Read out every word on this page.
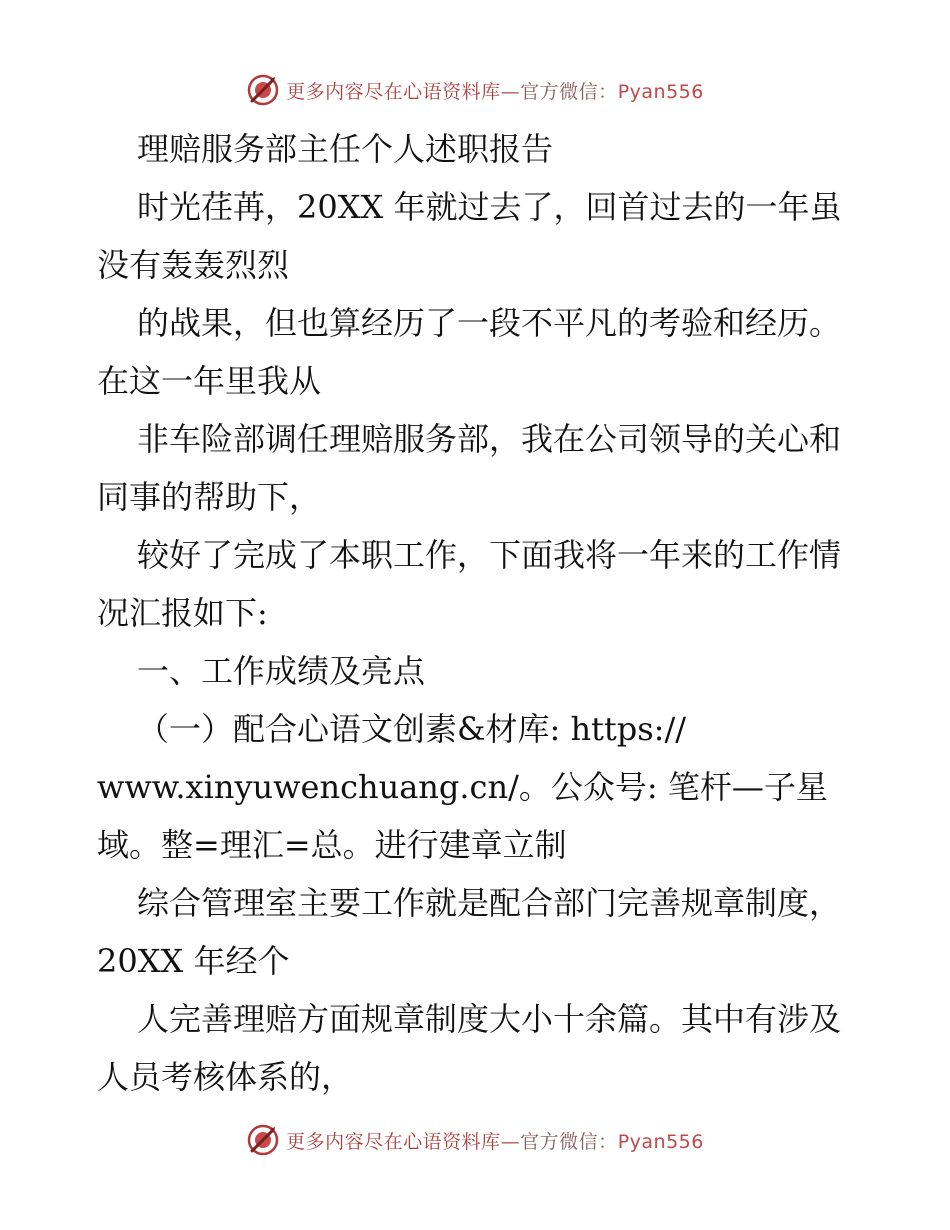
更多内容尽在心语资料库—官方微信：Pyan556

理赔服务部主任个人述职报告

时光荏苒，20XX 年就过去了，回首过去的一年虽没有轰轰烈烈

的战果，但也算经历了一段不平凡的考验和经历。在这一年里我从

非车险部调任理赔服务部，我在公司领导的关心和同事的帮助下，

较好了完成了本职工作，下面我将一年来的工作情况汇报如下:

一、工作成绩及亮点

（一）配合心语文创素&材库: https://

www.xinyuwenchuang.cn/。公众号: 笔杆—子星域。整=理汇=总。进行建章立制

综合管理室主要工作就是配合部门完善规章制度，20XX 年经个

人完善理赔方面规章制度大小十余篇。其中有涉及人员考核体系的，

更多内容尽在心语资料库—官方微信：Pyan556
